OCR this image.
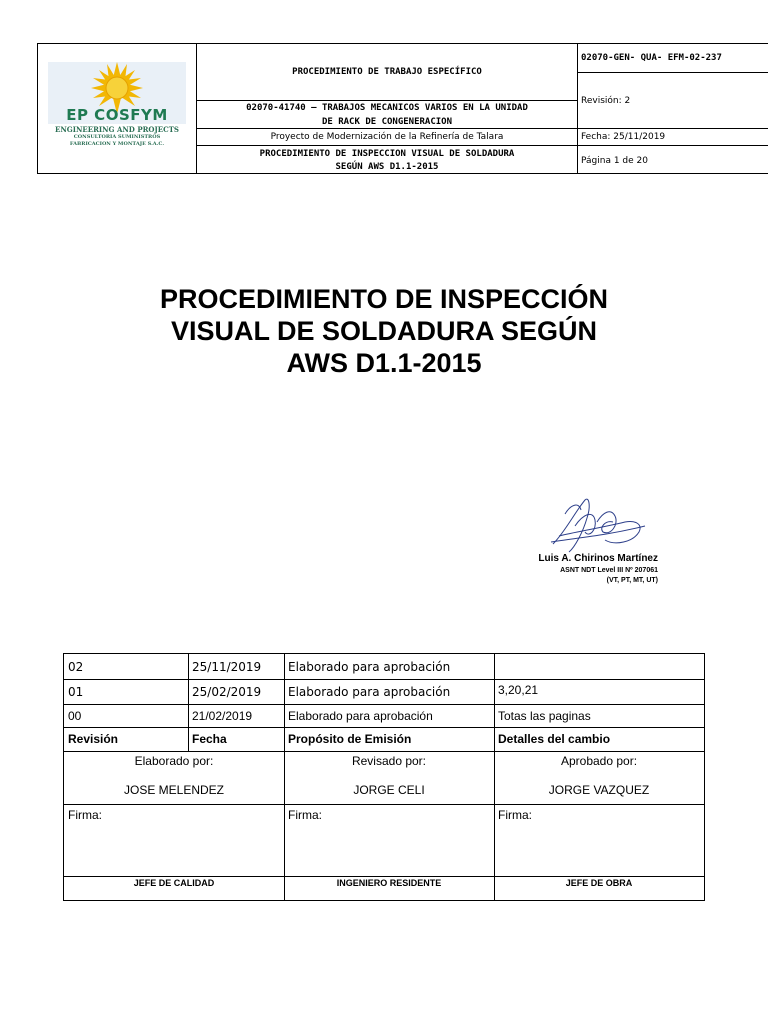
EP COSFYM
ENGINEERING AND PROJECTS
CONSULTORIA SUMINISTROS
FABRICACION Y MONTAJE S.A.C.
PROCEDIMIENTO DE TRABAJO ESPECÍFICO
02070-41740 – TRABAJOS MECANICOS VARIOS EN LA UNIDAD
DE RACK DE CONGENERACION
Proyecto de Modernización de la Refinería de Talara
PROCEDIMIENTO DE INSPECCION VISUAL DE SOLDADURA
SEGÚN AWS D1.1-2015
02070-GEN- QUA- EFM-02-237
Revisión: 2
Fecha: 25/11/2019
Página 1 de 20
PROCEDIMIENTO DE INSPECCIÓN
VISUAL DE SOLDADURA SEGÚN
AWS D1.1-2015
Luis A. Chirinos Martínez
ASNT NDT Level III Nº 207061
(VT, PT, MT, UT)
02	25/11/2019	Elaborado para aprobación
01	25/02/2019	Elaborado para aprobación	3,20,21
00	21/02/2019	Elaborado para aprobación	Totas las paginas
Revisión	Fecha	Propósito de Emisión	Detalles del cambio
Elaborado por:	Revisado por:	Aprobado por:
JOSE MELENDEZ	JORGE CELI	JORGE VAZQUEZ
Firma:	Firma:	Firma:
JEFE DE CALIDAD	INGENIERO RESIDENTE	JEFE DE OBRA
